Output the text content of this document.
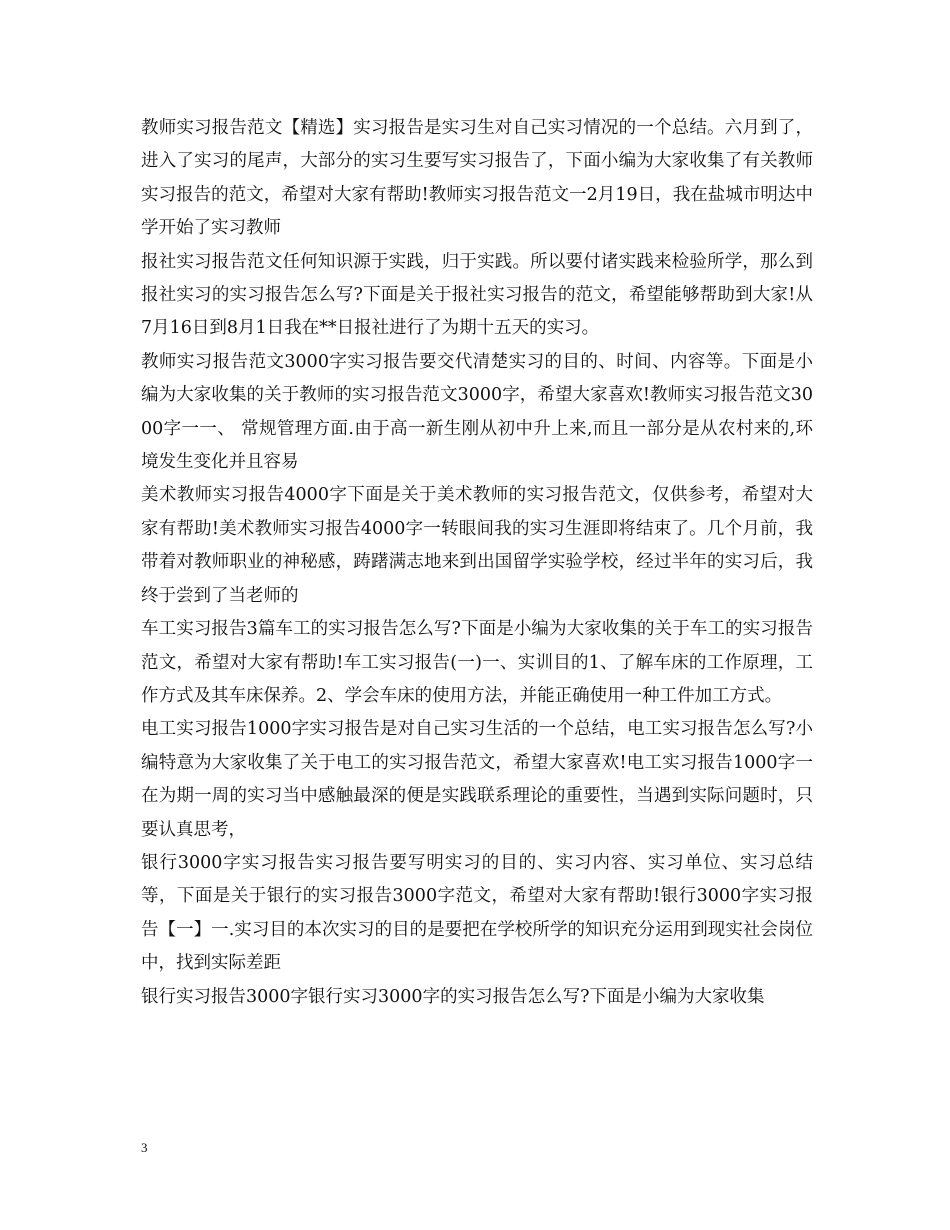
教师实习报告范文【精选】实习报告是实习生对自己实习情况的一个总结。六月到了，进入了实习的尾声，大部分的实习生要写实习报告了，下面小编为大家收集了有关教师实习报告的范文，希望对大家有帮助!教师实习报告范文一2月19日，我在盐城市明达中学开始了实习教师

报社实习报告范文任何知识源于实践，归于实践。所以要付诸实践来检验所学，那么到报社实习的实习报告怎么写?下面是关于报社实习报告的范文，希望能够帮助到大家!从7月16日到8月1日我在**日报社进行了为期十五天的实习。

教师实习报告范文3000字实习报告要交代清楚实习的目的、时间、内容等。下面是小编为大家收集的关于教师的实习报告范文3000字，希望大家喜欢!教师实习报告范文3000字一一、 常规管理方面.由于高一新生刚从初中升上来,而且一部分是从农村来的,环境发生变化并且容易

美术教师实习报告4000字下面是关于美术教师的实习报告范文，仅供参考，希望对大家有帮助!美术教师实习报告4000字一转眼间我的实习生涯即将结束了。几个月前，我带着对教师职业的神秘感，踌躇满志地来到出国留学实验学校，经过半年的实习后，我终于尝到了当老师的

车工实习报告3篇车工的实习报告怎么写?下面是小编为大家收集的关于车工的实习报告范文，希望对大家有帮助!车工实习报告(一)一、实训目的1、了解车床的工作原理，工作方式及其车床保养。2、学会车床的使用方法，并能正确使用一种工件加工方式。

电工实习报告1000字实习报告是对自己实习生活的一个总结，电工实习报告怎么写?小编特意为大家收集了关于电工的实习报告范文，希望大家喜欢!电工实习报告1000字一在为期一周的实习当中感触最深的便是实践联系理论的重要性，当遇到实际问题时，只要认真思考，

银行3000字实习报告实习报告要写明实习的目的、实习内容、实习单位、实习总结等，下面是关于银行的实习报告3000字范文，希望对大家有帮助!银行3000字实习报告【一】一.实习目的本次实习的目的是要把在学校所学的知识充分运用到现实社会岗位中，找到实际差距

银行实习报告3000字银行实习3000字的实习报告怎么写?下面是小编为大家收集

3
